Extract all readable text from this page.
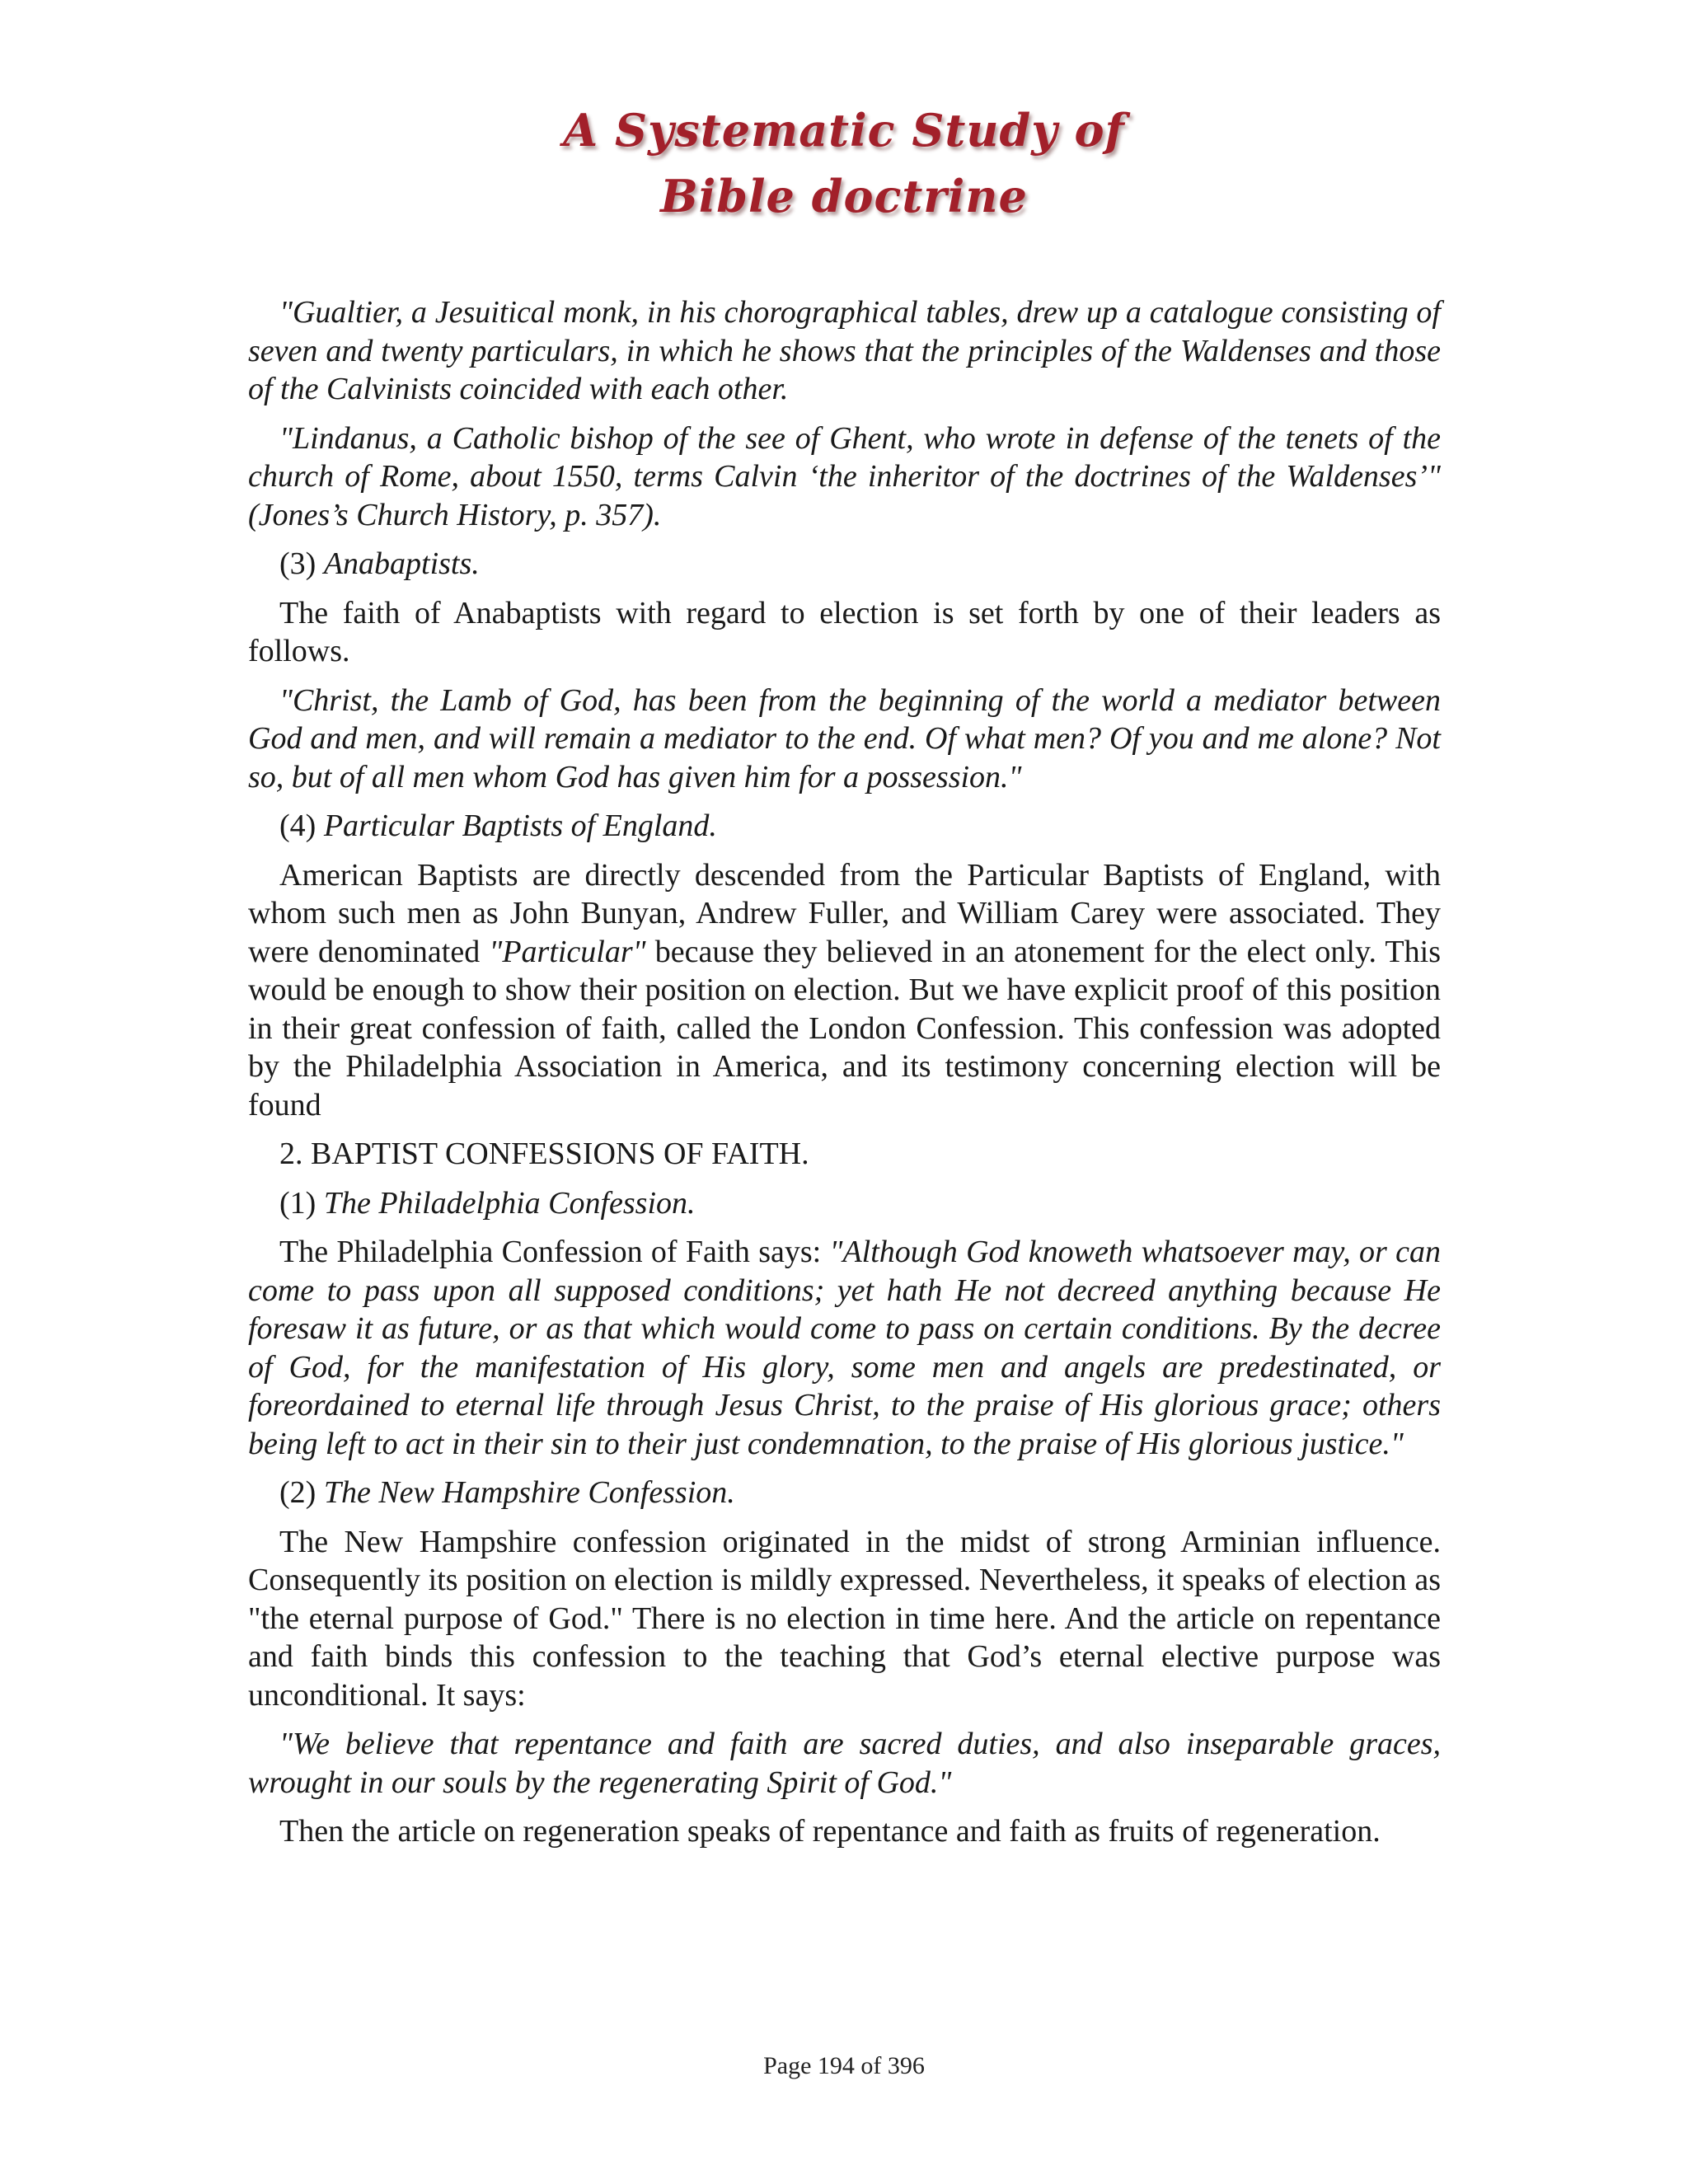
A Systematic Study of
Bible doctrine

"Gualtier, a Jesuitical monk, in his chorographical tables, drew up a catalogue consisting of seven and twenty particulars, in which he shows that the principles of the Waldenses and those of the Calvinists coincided with each other.

"Lindanus, a Catholic bishop of the see of Ghent, who wrote in defense of the tenets of the church of Rome, about 1550, terms Calvin ‘the inheritor of the doctrines of the Waldenses’" (Jones’s Church History, p. 357).

(3) Anabaptists.

The faith of Anabaptists with regard to election is set forth by one of their leaders as follows.

"Christ, the Lamb of God, has been from the beginning of the world a mediator between God and men, and will remain a mediator to the end. Of what men? Of you and me alone? Not so, but of all men whom God has given him for a possession."

(4) Particular Baptists of England.

American Baptists are directly descended from the Particular Baptists of England, with whom such men as John Bunyan, Andrew Fuller, and William Carey were associated. They were denominated "Particular" because they believed in an atonement for the elect only. This would be enough to show their position on election. But we have explicit proof of this position in their great confession of faith, called the London Confession. This confession was adopted by the Philadelphia Association in America, and its testimony concerning election will be found

2. BAPTIST CONFESSIONS OF FAITH.

(1) The Philadelphia Confession.

The Philadelphia Confession of Faith says: "Although God knoweth whatsoever may, or can come to pass upon all supposed conditions; yet hath He not decreed anything because He foresaw it as future, or as that which would come to pass on certain conditions. By the decree of God, for the manifestation of His glory, some men and angels are predestinated, or foreordained to eternal life through Jesus Christ, to the praise of His glorious grace; others being left to act in their sin to their just condemnation, to the praise of His glorious justice."

(2) The New Hampshire Confession.

The New Hampshire confession originated in the midst of strong Arminian influence. Consequently its position on election is mildly expressed. Nevertheless, it speaks of election as "the eternal purpose of God." There is no election in time here. And the article on repentance and faith binds this confession to the teaching that God’s eternal elective purpose was unconditional. It says:

"We believe that repentance and faith are sacred duties, and also inseparable graces, wrought in our souls by the regenerating Spirit of God."

Then the article on regeneration speaks of repentance and faith as fruits of regeneration.

Page 194 of 396
